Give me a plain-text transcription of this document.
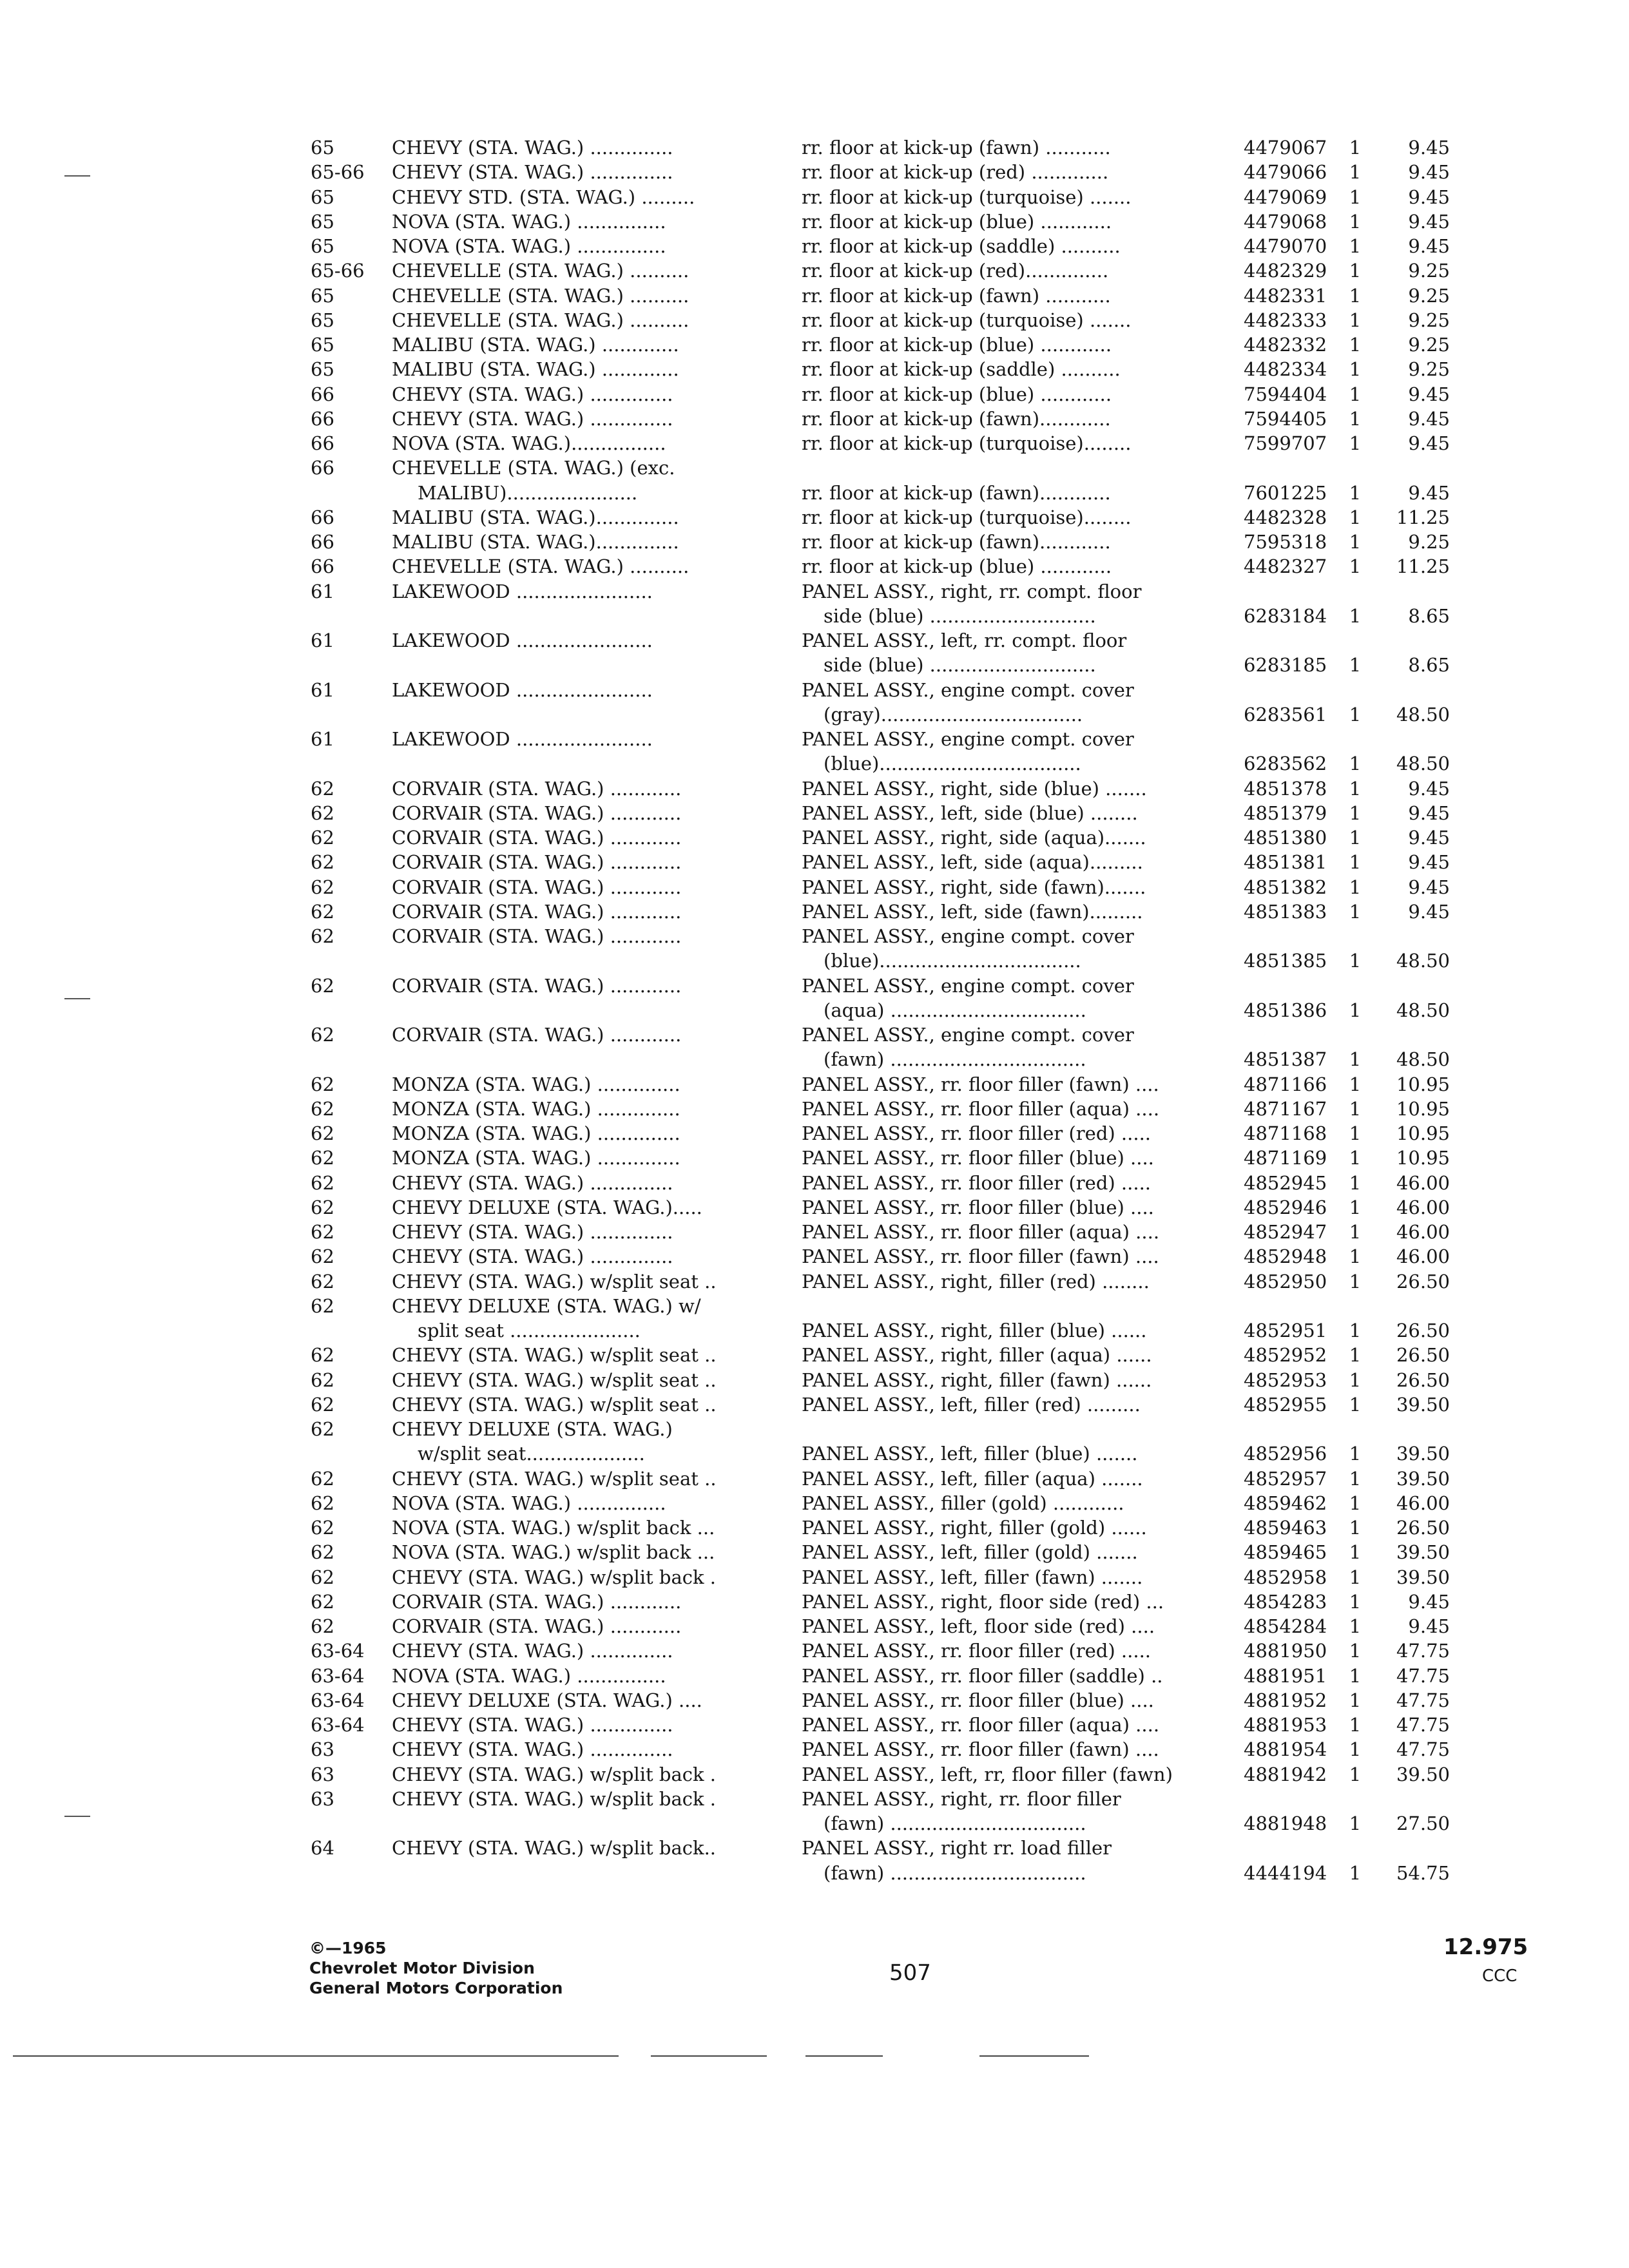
65	CHEVY (STA. WAG.) ..............	rr. floor at kick-up (fawn) ...........	4479067	1	9.45
65-66	CHEVY (STA. WAG.) ..............	rr. floor at kick-up (red) .............	4479066	1	9.45
65	CHEVY STD. (STA. WAG.) .........	rr. floor at kick-up (turquoise) .......	4479069	1	9.45
65	NOVA (STA. WAG.) ...............	rr. floor at kick-up (blue) ............	4479068	1	9.45
65	NOVA (STA. WAG.) ...............	rr. floor at kick-up (saddle) ..........	4479070	1	9.45
65-66	CHEVELLE (STA. WAG.) ..........	rr. floor at kick-up (red)..............	4482329	1	9.25
65	CHEVELLE (STA. WAG.) ..........	rr. floor at kick-up (fawn) ...........	4482331	1	9.25
65	CHEVELLE (STA. WAG.) ..........	rr. floor at kick-up (turquoise) .......	4482333	1	9.25
65	MALIBU (STA. WAG.) .............	rr. floor at kick-up (blue) ............	4482332	1	9.25
65	MALIBU (STA. WAG.) .............	rr. floor at kick-up (saddle) ..........	4482334	1	9.25
66	CHEVY (STA. WAG.) ..............	rr. floor at kick-up (blue) ............	7594404	1	9.45
66	CHEVY (STA. WAG.) ..............	rr. floor at kick-up (fawn)............	7594405	1	9.45
66	NOVA (STA. WAG.)................	rr. floor at kick-up (turquoise)........	7599707	1	9.45
66	CHEVELLE (STA. WAG.) (exc.
MALIBU)......................	rr. floor at kick-up (fawn)............	7601225	1	9.45
66	MALIBU (STA. WAG.)..............	rr. floor at kick-up (turquoise)........	4482328	1	11.25
66	MALIBU (STA. WAG.)..............	rr. floor at kick-up (fawn)............	7595318	1	9.25
66	CHEVELLE (STA. WAG.) ..........	rr. floor at kick-up (blue) ............	4482327	1	11.25
61	LAKEWOOD .......................	PANEL ASSY., right, rr. compt. floor
side (blue) ............................	6283184	1	8.65
61	LAKEWOOD .......................	PANEL ASSY., left, rr. compt. floor
side (blue) ............................	6283185	1	8.65
61	LAKEWOOD .......................	PANEL ASSY., engine compt. cover
(gray)..................................	6283561	1	48.50
61	LAKEWOOD .......................	PANEL ASSY., engine compt. cover
(blue)..................................	6283562	1	48.50
62	CORVAIR (STA. WAG.) ............	PANEL ASSY., right, side (blue) .......	4851378	1	9.45
62	CORVAIR (STA. WAG.) ............	PANEL ASSY., left, side (blue) ........	4851379	1	9.45
62	CORVAIR (STA. WAG.) ............	PANEL ASSY., right, side (aqua).......	4851380	1	9.45
62	CORVAIR (STA. WAG.) ............	PANEL ASSY., left, side (aqua).........	4851381	1	9.45
62	CORVAIR (STA. WAG.) ............	PANEL ASSY., right, side (fawn).......	4851382	1	9.45
62	CORVAIR (STA. WAG.) ............	PANEL ASSY., left, side (fawn).........	4851383	1	9.45
62	CORVAIR (STA. WAG.) ............	PANEL ASSY., engine compt. cover
(blue)..................................	4851385	1	48.50
62	CORVAIR (STA. WAG.) ............	PANEL ASSY., engine compt. cover
(aqua) .................................	4851386	1	48.50
62	CORVAIR (STA. WAG.) ............	PANEL ASSY., engine compt. cover
(fawn) .................................	4851387	1	48.50
62	MONZA (STA. WAG.) ..............	PANEL ASSY., rr. floor filler (fawn) ....	4871166	1	10.95
62	MONZA (STA. WAG.) ..............	PANEL ASSY., rr. floor filler (aqua) ....	4871167	1	10.95
62	MONZA (STA. WAG.) ..............	PANEL ASSY., rr. floor filler (red) .....	4871168	1	10.95
62	MONZA (STA. WAG.) ..............	PANEL ASSY., rr. floor filler (blue) ....	4871169	1	10.95
62	CHEVY (STA. WAG.) ..............	PANEL ASSY., rr. floor filler (red) .....	4852945	1	46.00
62	CHEVY DELUXE (STA. WAG.).....	PANEL ASSY., rr. floor filler (blue) ....	4852946	1	46.00
62	CHEVY (STA. WAG.) ..............	PANEL ASSY., rr. floor filler (aqua) ....	4852947	1	46.00
62	CHEVY (STA. WAG.) ..............	PANEL ASSY., rr. floor filler (fawn) ....	4852948	1	46.00
62	CHEVY (STA. WAG.) w/split seat ..	PANEL ASSY., right, filler (red) ........	4852950	1	26.50
62	CHEVY DELUXE (STA. WAG.) w/
split seat ......................	PANEL ASSY., right, filler (blue) ......	4852951	1	26.50
62	CHEVY (STA. WAG.) w/split seat ..	PANEL ASSY., right, filler (aqua) ......	4852952	1	26.50
62	CHEVY (STA. WAG.) w/split seat ..	PANEL ASSY., right, filler (fawn) ......	4852953	1	26.50
62	CHEVY (STA. WAG.) w/split seat ..	PANEL ASSY., left, filler (red) .........	4852955	1	39.50
62	CHEVY DELUXE (STA. WAG.)
w/split seat....................	PANEL ASSY., left, filler (blue) .......	4852956	1	39.50
62	CHEVY (STA. WAG.) w/split seat ..	PANEL ASSY., left, filler (aqua) .......	4852957	1	39.50
62	NOVA (STA. WAG.) ...............	PANEL ASSY., filler (gold) ............	4859462	1	46.00
62	NOVA (STA. WAG.) w/split back ...	PANEL ASSY., right, filler (gold) ......	4859463	1	26.50
62	NOVA (STA. WAG.) w/split back ...	PANEL ASSY., left, filler (gold) .......	4859465	1	39.50
62	CHEVY (STA. WAG.) w/split back .	PANEL ASSY., left, filler (fawn) .......	4852958	1	39.50
62	CORVAIR (STA. WAG.) ............	PANEL ASSY., right, floor side (red) ...	4854283	1	9.45
62	CORVAIR (STA. WAG.) ............	PANEL ASSY., left, floor side (red) ....	4854284	1	9.45
63-64	CHEVY (STA. WAG.) ..............	PANEL ASSY., rr. floor filler (red) .....	4881950	1	47.75
63-64	NOVA (STA. WAG.) ...............	PANEL ASSY., rr. floor filler (saddle) ..	4881951	1	47.75
63-64	CHEVY DELUXE (STA. WAG.) ....	PANEL ASSY., rr. floor filler (blue) ....	4881952	1	47.75
63-64	CHEVY (STA. WAG.) ..............	PANEL ASSY., rr. floor filler (aqua) ....	4881953	1	47.75
63	CHEVY (STA. WAG.) ..............	PANEL ASSY., rr. floor filler (fawn) ....	4881954	1	47.75
63	CHEVY (STA. WAG.) w/split back .	PANEL ASSY., left, rr, floor filler (fawn)	4881942	1	39.50
63	CHEVY (STA. WAG.) w/split back .	PANEL ASSY., right, rr. floor filler
(fawn) .................................	4881948	1	27.50
64	CHEVY (STA. WAG.) w/split back..	PANEL ASSY., right rr. load filler
(fawn) .................................	4444194	1	54.75
©—1965
Chevrolet Motor Division
General Motors Corporation
507
12.975
CCC
